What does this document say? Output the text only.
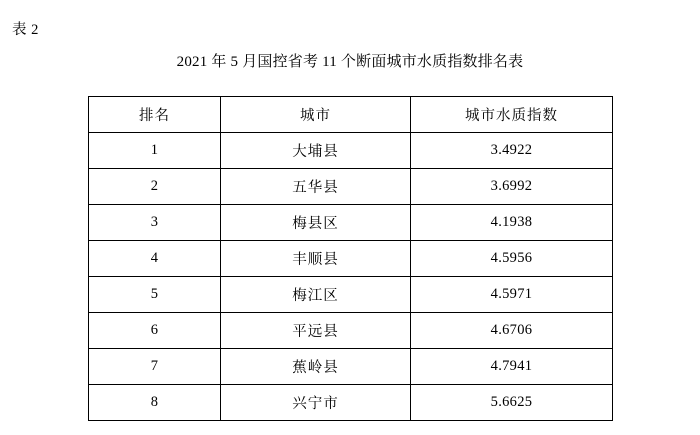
表 2
2021 年 5 月国控省考 11 个断面城市水质指数排名表
排名	城市	城市水质指数
1	大埔县	3.4922
2	五华县	3.6992
3	梅县区	4.1938
4	丰顺县	4.5956
5	梅江区	4.5971
6	平远县	4.6706
7	蕉岭县	4.7941
8	兴宁市	5.6625
